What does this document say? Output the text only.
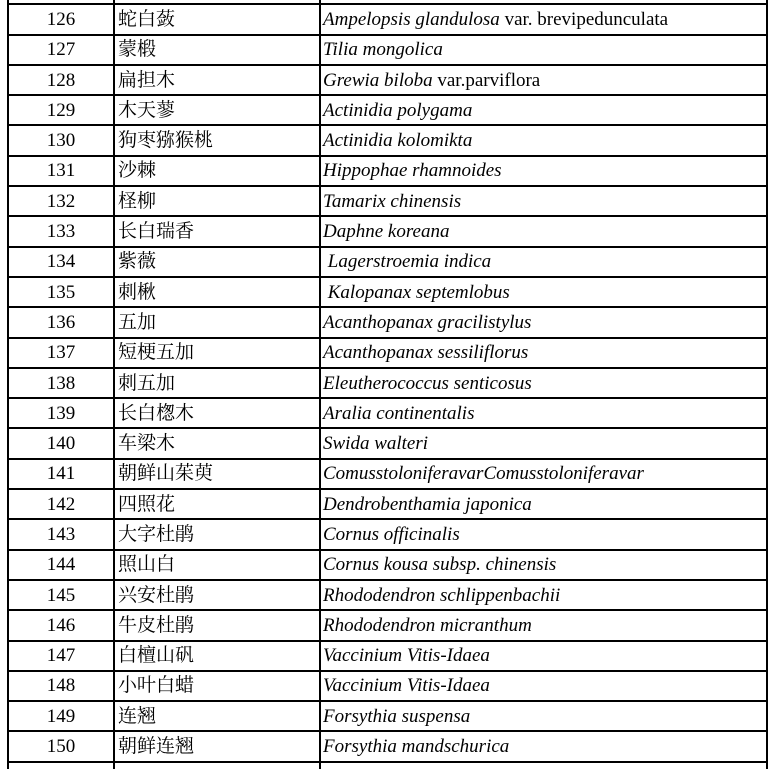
126	蛇白蔹	Ampelopsis glandulosa var. brevipedunculata
127	蒙椴	Tilia mongolica
128	扁担木	Grewia biloba var.parviflora
129	木天蓼	Actinidia polygama
130	狗枣猕猴桃	Actinidia kolomikta
131	沙棘	Hippophae rhamnoides
132	柽柳	Tamarix chinensis
133	长白瑞香	Daphne koreana
134	紫薇	Lagerstroemia indica
135	刺楸	Kalopanax septemlobus
136	五加	Acanthopanax gracilistylus
137	短梗五加	Acanthopanax sessiliflorus
138	刺五加	Eleutherococcus senticosus
139	长白楤木	Aralia continentalis
140	车梁木	Swida walteri
141	朝鲜山茱萸	ComusstoloniferavarComusstoloniferavar
142	四照花	Dendrobenthamia japonica
143	大字杜鹃	Cornus officinalis
144	照山白	Cornus kousa subsp. chinensis
145	兴安杜鹃	Rhododendron schlippenbachii
146	牛皮杜鹃	Rhododendron micranthum
147	白檀山矾	Vaccinium Vitis-Idaea
148	小叶白蜡	Vaccinium Vitis-Idaea
149	连翘	Forsythia suspensa
150	朝鲜连翘	Forsythia mandschurica
